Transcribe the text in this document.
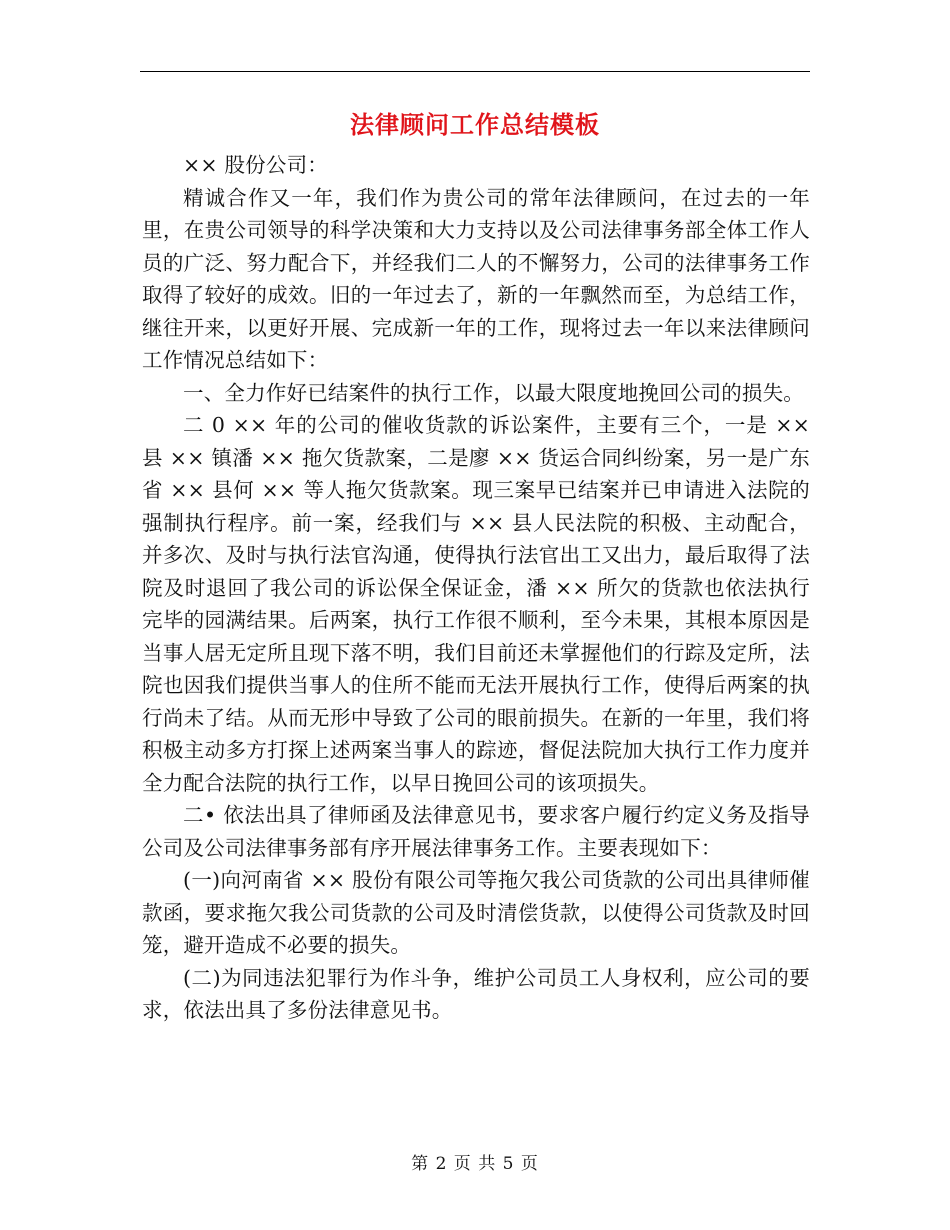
法律顾问工作总结模板

×× 股份公司：

精诚合作又一年，我们作为贵公司的常年法律顾问，在过去的一年里，在贵公司领导的科学决策和大力支持以及公司法律事务部全体工作人员的广泛、努力配合下，并经我们二人的不懈努力，公司的法律事务工作取得了较好的成效。旧的一年过去了，新的一年飘然而至，为总结工作，继往开来，以更好开展、完成新一年的工作，现将过去一年以来法律顾问工作情况总结如下：

一、全力作好已结案件的执行工作，以最大限度地挽回公司的损失。

二 0 ×× 年的公司的催收货款的诉讼案件，主要有三个，一是 ×× 县 ×× 镇潘 ×× 拖欠货款案，二是廖 ×× 货运合同纠纷案，另一是广东省 ×× 县何 ×× 等人拖欠货款案。现三案早已结案并已申请进入法院的强制执行程序。前一案，经我们与 ×× 县人民法院的积极、主动配合，并多次、及时与执行法官沟通，使得执行法官出工又出力，最后取得了法院及时退回了我公司的诉讼保全保证金，潘 ×× 所欠的货款也依法执行完毕的园满结果。后两案，执行工作很不顺利，至今未果，其根本原因是当事人居无定所且现下落不明，我们目前还未掌握他们的行踪及定所，法院也因我们提供当事人的住所不能而无法开展执行工作，使得后两案的执行尚未了结。从而无形中导致了公司的眼前损失。在新的一年里，我们将积极主动多方打探上述两案当事人的踪迹，督促法院加大执行工作力度并全力配合法院的执行工作，以早日挽回公司的该项损失。

二• 依法出具了律师函及法律意见书，要求客户履行约定义务及指导公司及公司法律事务部有序开展法律事务工作。主要表现如下：

(一)向河南省 ×× 股份有限公司等拖欠我公司货款的公司出具律师催款函，要求拖欠我公司货款的公司及时清偿货款，以使得公司货款及时回笼，避开造成不必要的损失。

(二)为同违法犯罪行为作斗争，维护公司员工人身权利，应公司的要求，依法出具了多份法律意见书。

第 2 页 共 5 页
